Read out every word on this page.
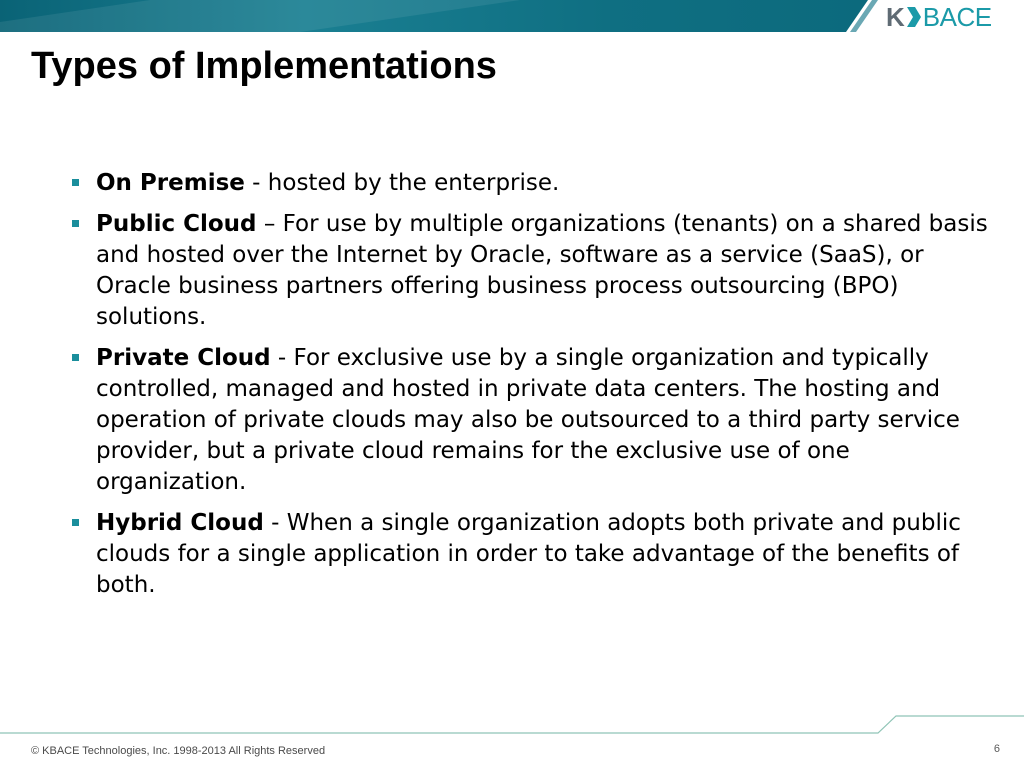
K BACE
Types of Implementations
On Premise - hosted by the enterprise.
Public Cloud – For use by multiple organizations (tenants) on a shared basis and hosted over the Internet by Oracle, software as a service (SaaS), or Oracle business partners offering business process outsourcing (BPO) solutions.
Private Cloud - For exclusive use by a single organization and typically controlled, managed and hosted in private data centers. The hosting and operation of private clouds may also be outsourced to a third party service provider, but a private cloud remains for the exclusive use of one organization.
Hybrid Cloud - When a single organization adopts both private and public clouds for a single application in order to take advantage of the benefits of both.
© KBACE Technologies, Inc. 1998-2013 All Rights Reserved	6
